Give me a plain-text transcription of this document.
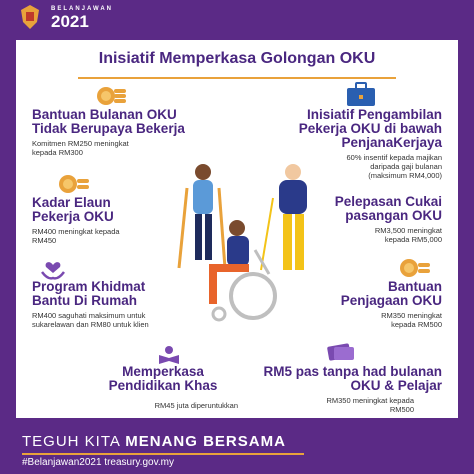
BELANJAWAN
2021
Inisiatif Memperkasa Golongan OKU
Bantuan Bulanan OKU Tidak Berupaya Bekerja
Komitmen RM250 meningkat kepada RM300
Kadar Elaun Pekerja OKU
RM400 meningkat kepada RM450
Program Khidmat Bantu Di Rumah
RM400 saguhati maksimum untuk sukarelawan dan RM80 untuk klien
Memperkasa Pendidikan Khas
RM45 juta diperuntukkan
Inisiatif Pengambilan Pekerja OKU di bawah PenjanaKerjaya
60% insentif kepada majikan daripada gaji bulanan (maksimum RM4,000)
Pelepasan Cukai pasangan OKU
RM3,500 meningkat kepada RM5,000
Bantuan Penjagaan OKU
RM350 meningkat kepada RM500
RM5 pas tanpa had bulanan OKU & Pelajar
RM350 meningkat kepada RM500
TEGUH KITA MENANG BERSAMA
#Belanjawan2021 treasury.gov.my
